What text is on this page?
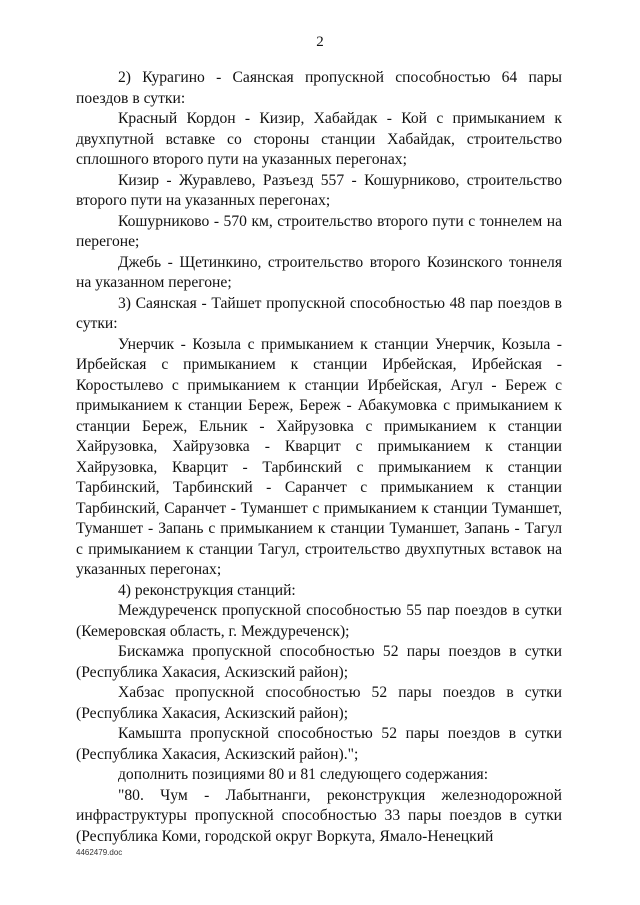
2

2) Курагино - Саянская пропускной способностью 64 пары поездов в сутки:

Красный Кордон - Кизир, Хабайдак - Кой с примыканием к двухпутной вставке со стороны станции Хабайдак, строительство сплошного второго пути на указанных перегонах;

Кизир - Журавлево, Разъезд 557 - Кошурниково, строительство второго пути на указанных перегонах;

Кошурниково - 570 км, строительство второго пути с тоннелем на перегоне;

Джебь - Щетинкино, строительство второго Козинского тоннеля на указанном перегоне;

3) Саянская - Тайшет пропускной способностью 48 пар поездов в сутки:

Унерчик - Козыла с примыканием к станции Унерчик, Козыла - Ирбейская с примыканием к станции Ирбейская, Ирбейская - Коростылево с примыканием к станции Ирбейская, Агул - Береж с примыканием к станции Береж, Береж - Абакумовка с примыканием к станции Береж, Ельник - Хайрузовка с примыканием к станции Хайрузовка, Хайрузовка - Кварцит с примыканием к станции Хайрузовка, Кварцит - Тарбинский с примыканием к станции Тарбинский, Тарбинский - Саранчет с примыканием к станции Тарбинский, Саранчет - Туманшет с примыканием к станции Туманшет, Туманшет - Запань с примыканием к станции Туманшет, Запань - Тагул с примыканием к станции Тагул, строительство двухпутных вставок на указанных перегонах;

4) реконструкция станций:

Междуреченск пропускной способностью 55 пар поездов в сутки (Кемеровская область, г. Междуреченск);

Бискамжа пропускной способностью 52 пары поездов в сутки (Республика Хакасия, Аскизский район);

Хабзас пропускной способностью 52 пары поездов в сутки (Республика Хакасия, Аскизский район);

Камышта пропускной способностью 52 пары поездов в сутки (Республика Хакасия, Аскизский район).";

дополнить позициями 80 и 81 следующего содержания:

"80. Чум - Лабытнанги, реконструкция железнодорожной инфраструктуры пропускной способностью 33 пары поездов в сутки (Республика Коми, городской округ Воркута, Ямало-Ненецкий

4462479.doc
